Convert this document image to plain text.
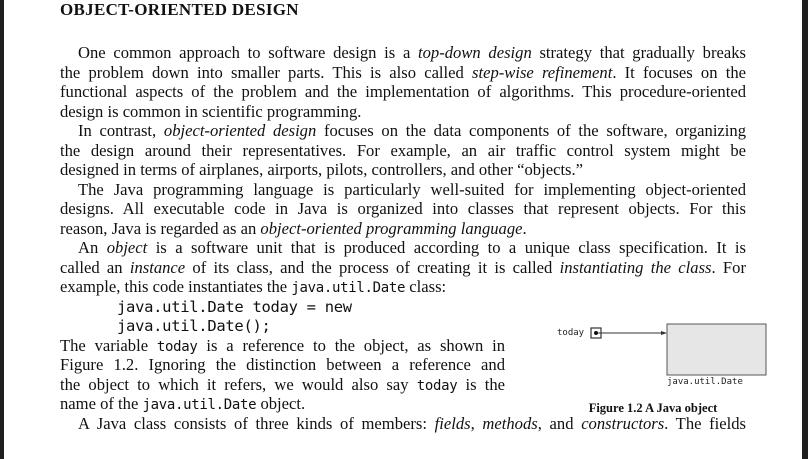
OBJECT-ORIENTED DESIGN
One common approach to software design is a top-down design strategy that gradually breaks
the problem down into smaller parts. This is also called step-wise refinement. It focuses on the
functional aspects of the problem and the implementation of algorithms. This procedure-oriented
design is common in scientific programming.
In contrast, object-oriented design focuses on the data components of the software, organizing
the design around their representatives. For example, an air traffic control system might be
designed in terms of airplanes, airports, pilots, controllers, and other “objects.”
The Java programming language is particularly well-suited for implementing object-oriented
designs. All executable code in Java is organized into classes that represent objects. For this
reason, Java is regarded as an object-oriented programming language.
An object is a software unit that is produced according to a unique class specification. It is
called an instance of its class, and the process of creating it is called instantiating the class. For
example, this code instantiates the java.util.Date class:
java.util.Date today = new
java.util.Date();
The variable today is a reference to the object, as shown in
Figure 1.2. Ignoring the distinction between a reference and
the object to which it refers, we would also say today is the
name of the java.util.Date object.
A Java class consists of three kinds of members: fields, methods, and constructors. The fields
today
java.util.Date
Figure 1.2 A Java object
